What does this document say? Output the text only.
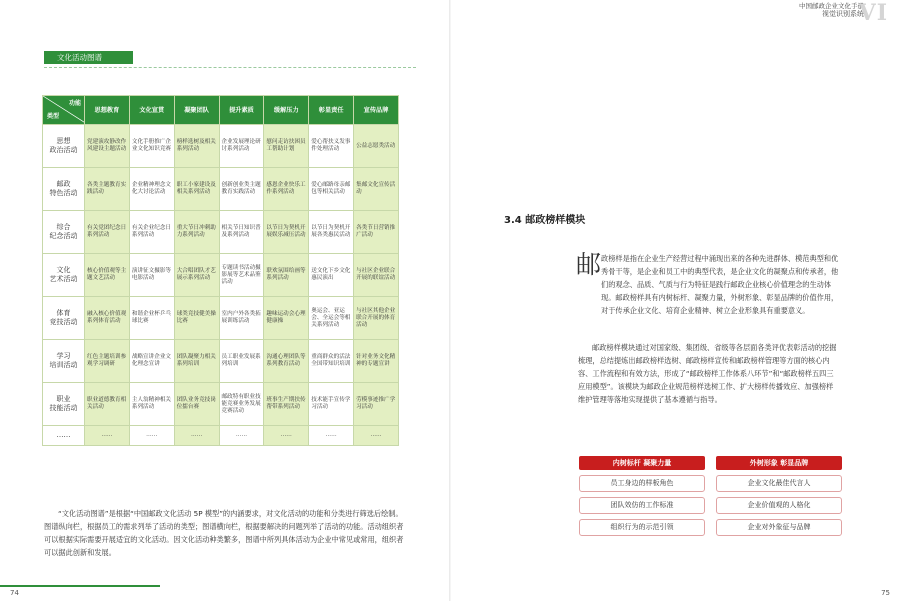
中国邮政企业文化手册
视觉识别系统
VI
文化活动图谱
功能
类型	思想教育	文化宣贯	凝聚团队	提升素质	缓解压力	彰显责任	宣传品牌
思想
政治活动	党建演攻静改作风建设主题活动	文化手册推广企业文化知识竞赛	榜样选树及相关系列活动	企业发展理论研讨系列活动	慰问走访扶困员工帮助计划	爱心帮扶义发事件处理活动	公益志愿类活动
邮政
特色活动	各类主题教育实践活动	企业精神理念文化大讨论活动	职工小家建设及相关系列活动	创新创业类主题教育实践活动	感恩企业快乐工作系列活动	爱心邮路母亲邮包等相关活动	集邮文化宣传活动
综合
纪念活动	有关党团纪念日系列活动	有关企业纪念日系列活动	重大节日冲刺助力系列活动	相关节日知识普及系列活动	以节日为契机开展娱乐减压活动	以节日为契机开展各类惠民活动	各类节日营销推广活动
文化
艺术活动	核心价值观等主题文艺活动	演讲征文摄影等电影活动	大合唱团队才艺展示系列活动	专题读书活动摄影展等艺术品鉴活动	联欢氛围给画等系列活动	送文化下乡文化惠民演出	与社区企业联合开展的联谊活动
体育
竞技活动	融入核心价值观系列体育活动	和谐企业杯乒乓球比赛	球类竞技健美操比赛	室内户外各类拓展训练活动	趣味运动会心理健康操	奥运会、亚运会、全运会等相关系列活动	与社区其他企业联合开展的体育活动
学习
培训活动	红色主题培训参观学习调研	战略宣讲企业文化理念宣讲	团队凝聚力相关系列培训	员工职业发展系列培训	沟通心理团队等系列教育活动	重商群众的活法全国带知识培训	针对业务文化精神的专题宣讲
职业
技能活动	职业道德教育相关活动	主人翁精神相关系列活动	团队业务竞技岗位擂台赛	邮政特有职业技能竞赛业务发展竞赛活动	班事生产期扶传帮带系列活动	技术能手宣传学习活动	劳模事迹推广学习活动
……	……	……	……	……	……	……	……

“文化活动图谱”是根据“中国邮政文化活动 5P 模型”的内涵要求，对文化活动的功能和分类进行筛选后绘制。图谱纵向栏，根据员工的需求列举了活动的类型；图谱横向栏，根据要解决的问题列举了活动的功能。活动组织者可以根据实际需要开展适宜的文化活动。因文化活动种类繁多，图谱中所列具体活动为企业中常见或常用，组织者可以据此创新和发展。

74
3.4 邮政榜样模块
邮 政榜样是指在企业生产经营过程中涌现出来的各种先进群体、模范典型和优秀骨干等，是企业和员工中的典型代表，是企业文化的凝聚点和传承者，他们的观念、品质、气质与行为特征是践行邮政企业核心价值理念的生动体现。邮政榜样具有内树标杆、凝聚力量，外树形象、彰显品牌的价值作用，对于传承企业文化、培育企业精神、树立企业形象具有重要意义。

邮政榜样模块通过对国家级、集团级、省级等各层面各类评优表彰活动的挖掘梳理，总结提炼出邮政榜样选树、邮政榜样宣传和邮政榜样管理等方面的核心内容、工作流程和有效方法，形成了“邮政榜样工作体系八环节”和“邮政榜样五四三应用模型”。该模块为邮政企业规范榜样选树工作、扩大榜样传播效应、加强榜样维护管理等落地实现提供了基本遵循与指导。

内树标杆 凝聚力量
员工身边的样板角色
团队效仿的工作标准
组织行为的示范引领
外树形象 彰显品牌
企业文化最佳代言人
企业价值观的人格化
企业对外象征与品牌
75
